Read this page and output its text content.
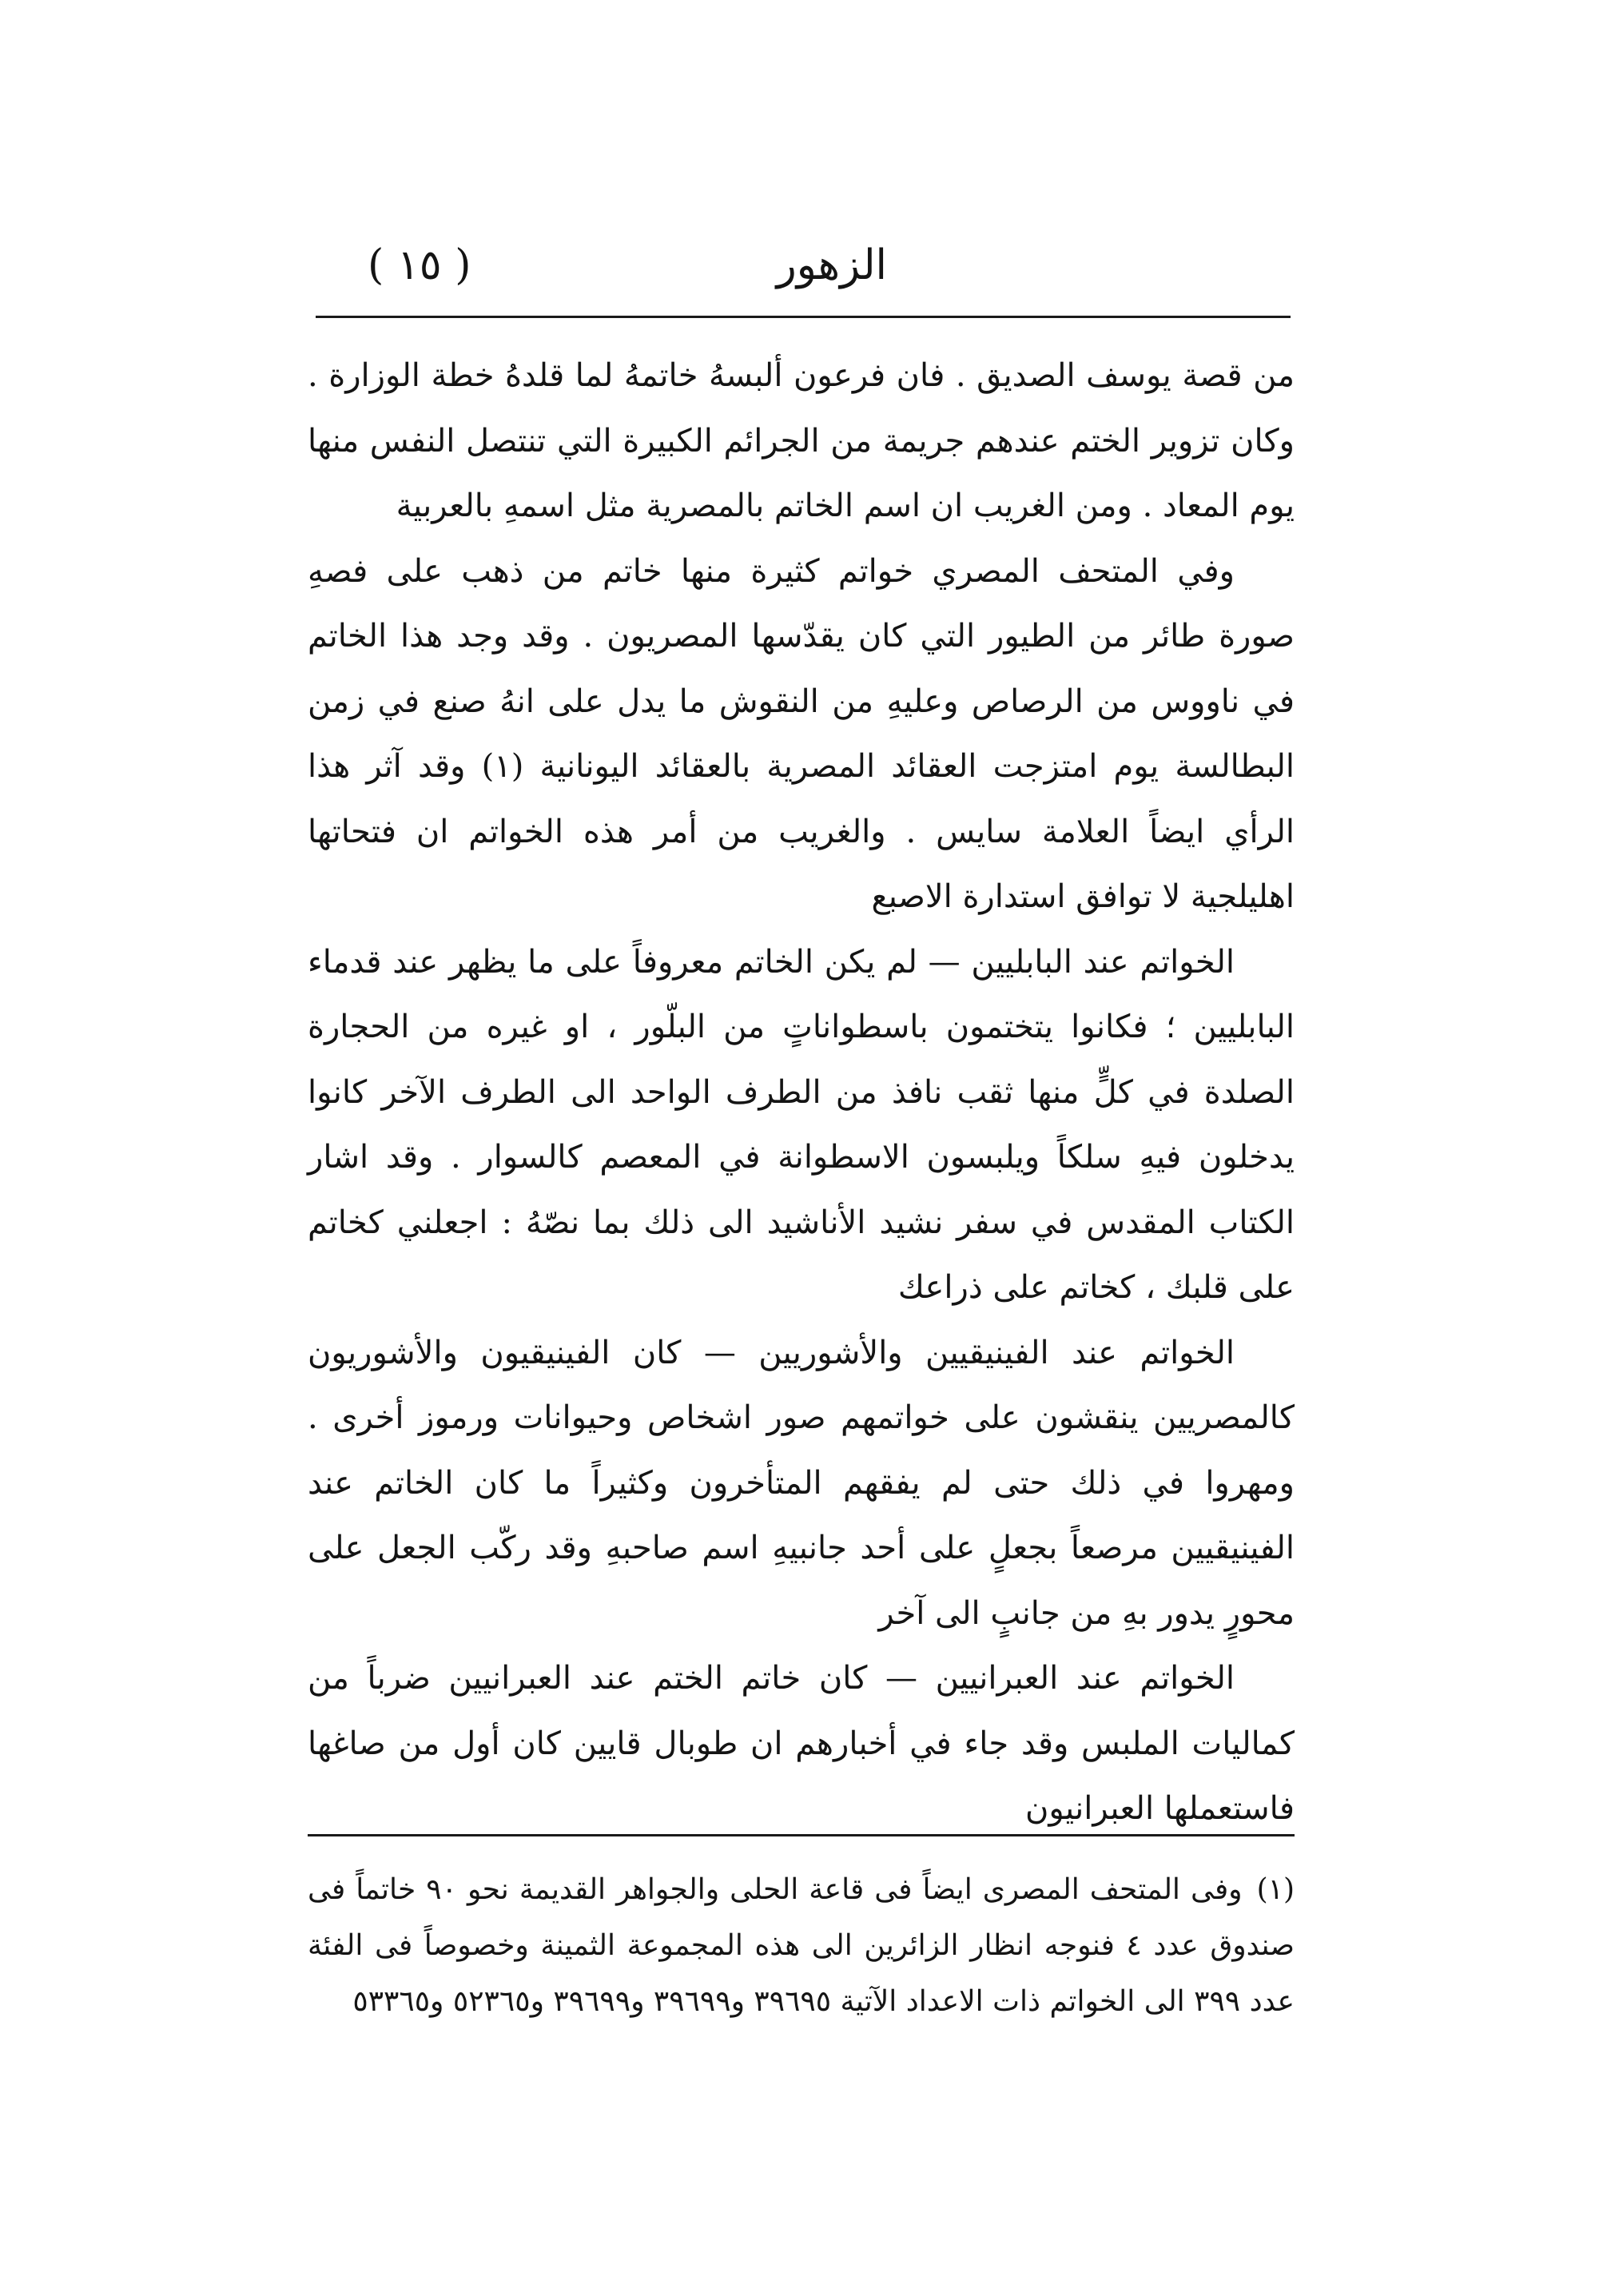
الزهور
( ١٥ )

من قصة يوسف الصديق . فان فرعون ألبسهُ خاتمهُ لما قلدهُ خطة الوزارة . وكان تزوير الختم عندهم جريمة من الجرائم الكبيرة التي تنتصل النفس منها يوم المعاد . ومن الغريب ان اسم الخاتم بالمصرية مثل اسمهِ بالعربية

وفي المتحف المصري خواتم كثيرة منها خاتم من ذهب على فصهِ صورة طائر من الطيور التي كان يقدّسها المصريون . وقد وجد هذا الخاتم في ناووس من الرصاص وعليهِ من النقوش ما يدل على انهُ صنع في زمن البطالسة يوم امتزجت العقائد المصرية بالعقائد اليونانية (١) وقد آثر هذا الرأي ايضاً العلامة سايس . والغريب من أمر هذه الخواتم ان فتحاتها اهليلجية لا توافق استدارة الاصبع

الخواتم عند البابليين — لم يكن الخاتم معروفاً على ما يظهر عند قدماء البابليين ؛ فكانوا يتختمون باسطواناتٍ من البلّور ، او غيره من الحجارة الصلدة في كلٍّ منها ثقب نافذ من الطرف الواحد الى الطرف الآخر كانوا يدخلون فيهِ سلكاً ويلبسون الاسطوانة في المعصم كالسوار . وقد اشار الكتاب المقدس في سفر نشيد الأناشيد الى ذلك بما نصّهُ : اجعلني كخاتم على قلبك ، كخاتم على ذراعك

الخواتم عند الفينيقيين والأشوريين — كان الفينيقيون والأشوريون كالمصريين ينقشون على خواتمهم صور اشخاص وحيوانات ورموز أخرى . ومهروا في ذلك حتى لم يفقهم المتأخرون وكثيراً ما كان الخاتم عند الفينيقيين مرصعاً بجعلٍ على أحد جانبيهِ اسم صاحبهِ وقد ركّب الجعل على محورٍ يدور بهِ من جانبٍ الى آخر

الخواتم عند العبرانيين — كان خاتم الختم عند العبرانيين ضرباً من كماليات الملبس وقد جاء في أخبارهم ان طوبال قايين كان أول من صاغها فاستعملها العبرانيون

(١)وفى المتحف المصرى ايضاً فى قاعة الحلى والجواهر القديمة نحو ٩٠ خاتماً فى صندوق عدد ٤ فنوجه انظار الزائرين الى هذه المجموعة الثمينة وخصوصاً فى الفئة عدد ٣٩٩ الى الخواتم ذات الاعداد الآتية ٣٩٦٩٥ و٣٩٦٩٩ و٣٩٦٩٩ و٥٢٣٦٥ و٥٣٣٦٥
